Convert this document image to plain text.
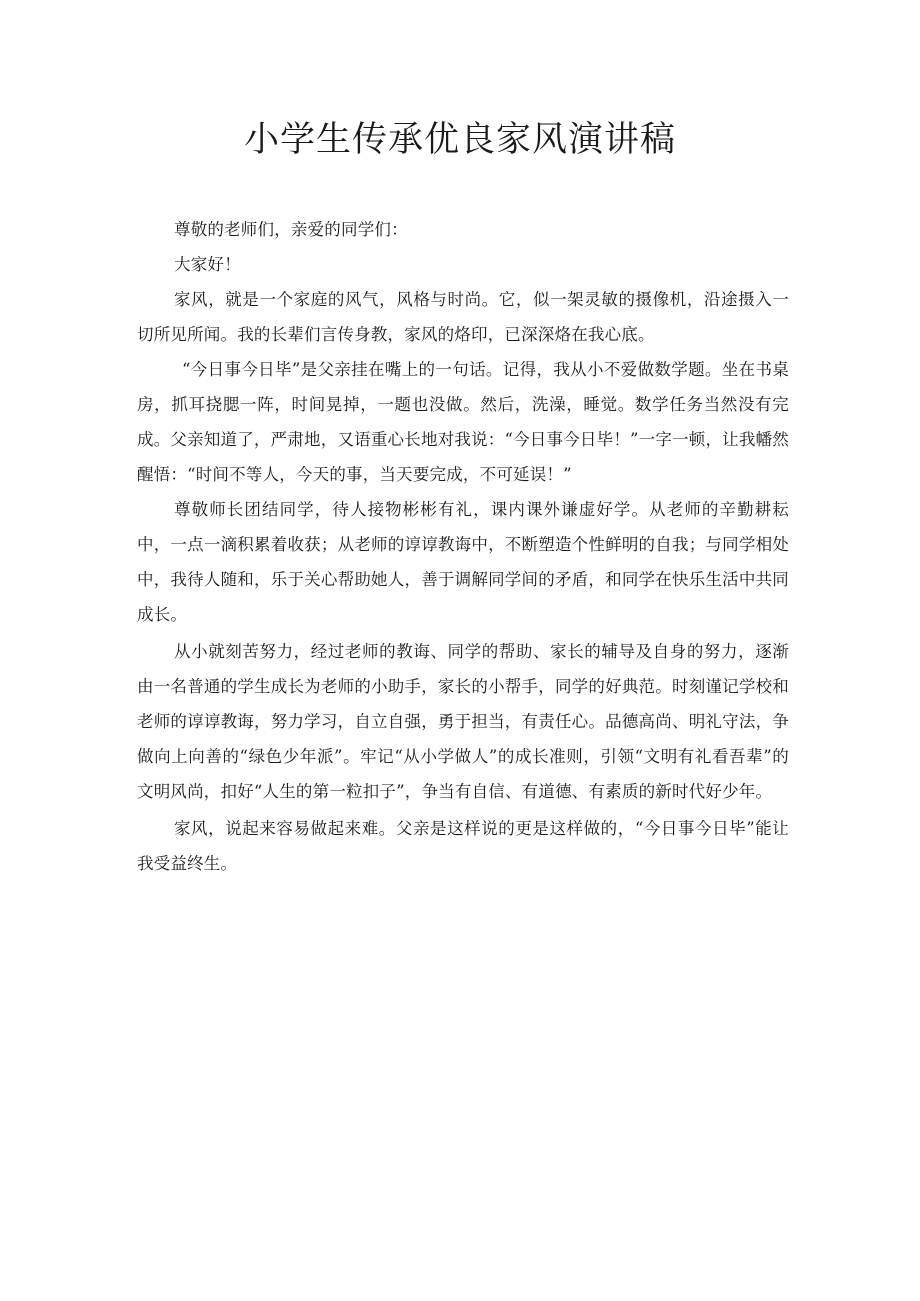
小学生传承优良家风演讲稿

尊敬的老师们，亲爱的同学们：

大家好！

家风，就是一个家庭的风气，风格与时尚。它，似一架灵敏的摄像机，沿途摄入一切所见所闻。我的长辈们言传身教，家风的烙印，已深深烙在我心底。

“今日事今日毕”是父亲挂在嘴上的一句话。记得，我从小不爱做数学题。坐在书桌房，抓耳挠腮一阵，时间晃掉，一题也没做。然后，洗澡，睡觉。数学任务当然没有完成。父亲知道了，严肃地，又语重心长地对我说：“今日事今日毕！”一字一顿，让我幡然醒悟：“时间不等人，今天的事，当天要完成，不可延误！”

尊敬师长团结同学，待人接物彬彬有礼，课内课外谦虚好学。从老师的辛勤耕耘中，一点一滴积累着收获；从老师的谆谆教诲中，不断塑造个性鲜明的自我；与同学相处中，我待人随和，乐于关心帮助她人，善于调解同学间的矛盾，和同学在快乐生活中共同成长。

从小就刻苦努力，经过老师的教诲、同学的帮助、家长的辅导及自身的努力，逐渐由一名普通的学生成长为老师的小助手，家长的小帮手，同学的好典范。时刻谨记学校和老师的谆谆教诲，努力学习，自立自强，勇于担当，有责任心。品德高尚、明礼守法，争做向上向善的“绿色少年派”。牢记“从小学做人”的成长准则，引领“文明有礼看吾辈”的文明风尚，扣好“人生的第一粒扣子”，争当有自信、有道德、有素质的新时代好少年。

家风，说起来容易做起来难。父亲是这样说的更是这样做的，“今日事今日毕”能让我受益终生。
